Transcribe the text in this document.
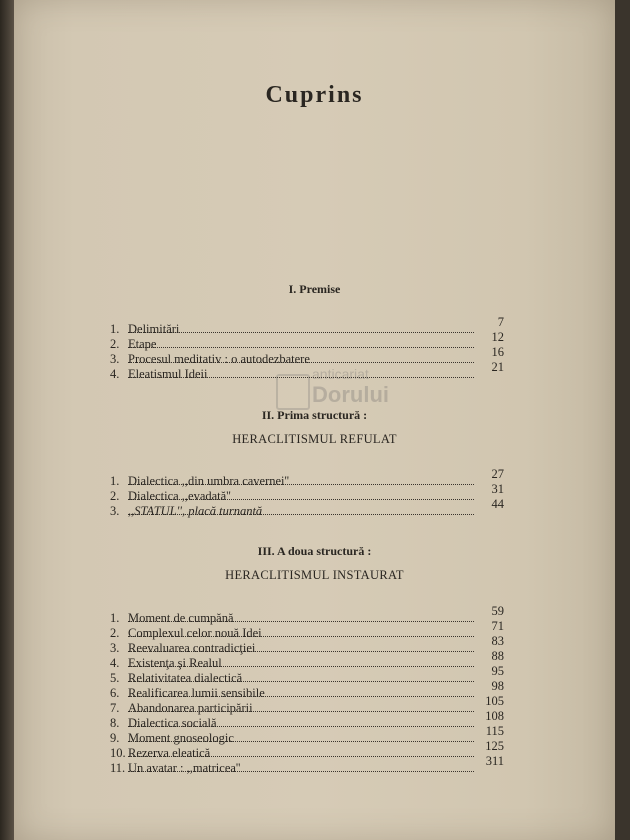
Cuprins
I. Premise
1. Delimitări	7
2. Etape	12
3. Procesul meditativ : o autodezbatere	16
4. Eleatismul Ideii	21
II. Prima structură :
HERACLITISMUL REFULAT
1. Dialectica ,,din umbra cavernei''	27
2. Dialectica ,,evadată''	31
3. ,,STATUL'', placă turnantă	44
III. A doua structură :
HERACLITISMUL INSTAURAT
1. Moment de cumpănă	59
2. Complexul celor nouă Idei	71
3. Reevaluarea contradicţiei	83
4. Existenţa şi Realul	88
5. Relativitatea dialectică	95
6. Realificarea lumii sensibile	98
7. Abandonarea participării	105
8. Dialectica socială	108
9. Moment gnoseologic	115
10. Rezerva eleatică	125
11. Un avatar : ,,matricea''	311
anticariat
Dorului
